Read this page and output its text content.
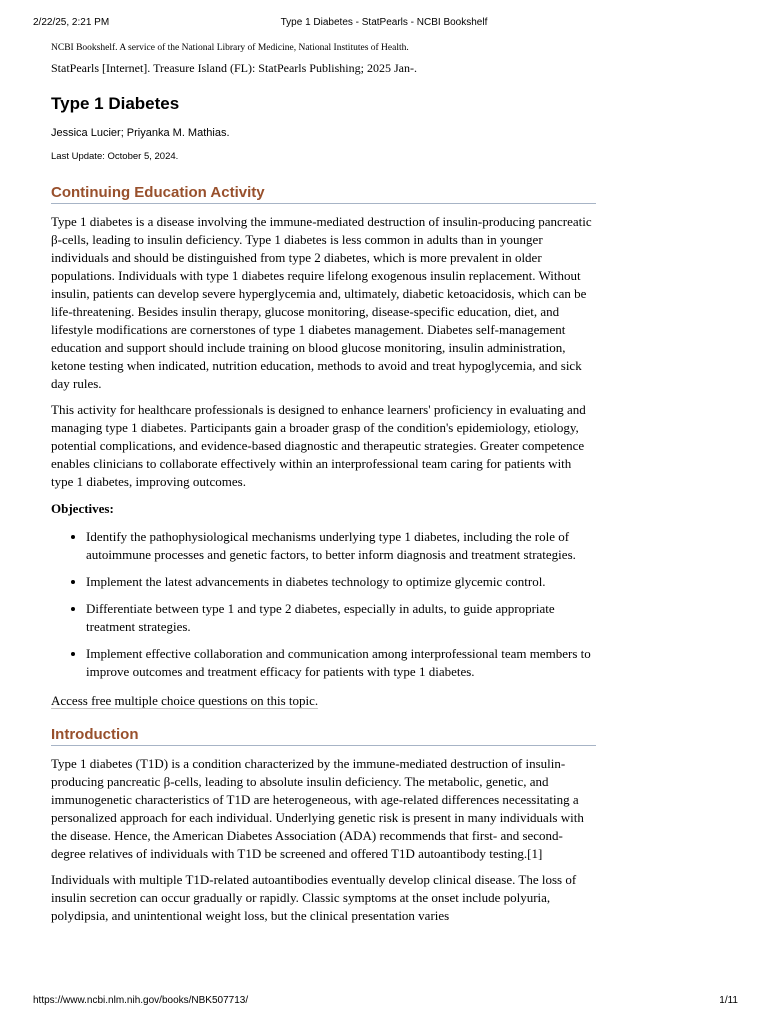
2/22/25, 2:21 PM	Type 1 Diabetes - StatPearls - NCBI Bookshelf

NCBI Bookshelf. A service of the National Library of Medicine, National Institutes of Health.

StatPearls [Internet]. Treasure Island (FL): StatPearls Publishing; 2025 Jan-.

Type 1 Diabetes

Jessica Lucier; Priyanka M. Mathias.

Last Update: October 5, 2024.

Continuing Education Activity

Type 1 diabetes is a disease involving the immune-mediated destruction of insulin-producing pancreatic β-cells, leading to insulin deficiency. Type 1 diabetes is less common in adults than in younger individuals and should be distinguished from type 2 diabetes, which is more prevalent in older populations. Individuals with type 1 diabetes require lifelong exogenous insulin replacement. Without insulin, patients can develop severe hyperglycemia and, ultimately, diabetic ketoacidosis, which can be life-threatening. Besides insulin therapy, glucose monitoring, disease-specific education, diet, and lifestyle modifications are cornerstones of type 1 diabetes management. Diabetes self-management education and support should include training on blood glucose monitoring, insulin administration, ketone testing when indicated, nutrition education, methods to avoid and treat hypoglycemia, and sick day rules.

This activity for healthcare professionals is designed to enhance learners' proficiency in evaluating and managing type 1 diabetes. Participants gain a broader grasp of the condition's epidemiology, etiology, potential complications, and evidence-based diagnostic and therapeutic strategies. Greater competence enables clinicians to collaborate effectively within an interprofessional team caring for patients with type 1 diabetes, improving outcomes.

Objectives:

• Identify the pathophysiological mechanisms underlying type 1 diabetes, including the role of autoimmune processes and genetic factors, to better inform diagnosis and treatment strategies.
• Implement the latest advancements in diabetes technology to optimize glycemic control.
• Differentiate between type 1 and type 2 diabetes, especially in adults, to guide appropriate treatment strategies.
• Implement effective collaboration and communication among interprofessional team members to improve outcomes and treatment efficacy for patients with type 1 diabetes.

Access free multiple choice questions on this topic.

Introduction

Type 1 diabetes (T1D) is a condition characterized by the immune-mediated destruction of insulin-producing pancreatic β-cells, leading to absolute insulin deficiency. The metabolic, genetic, and immunogenetic characteristics of T1D are heterogeneous, with age-related differences necessitating a personalized approach for each individual. Underlying genetic risk is present in many individuals with the disease. Hence, the American Diabetes Association (ADA) recommends that first- and second-degree relatives of individuals with T1D be screened and offered T1D autoantibody testing.[1]

Individuals with multiple T1D-related autoantibodies eventually develop clinical disease. The loss of insulin secretion can occur gradually or rapidly. Classic symptoms at the onset include polyuria, polydipsia, and unintentional weight loss, but the clinical presentation varies

https://www.ncbi.nlm.nih.gov/books/NBK507713/	1/11
